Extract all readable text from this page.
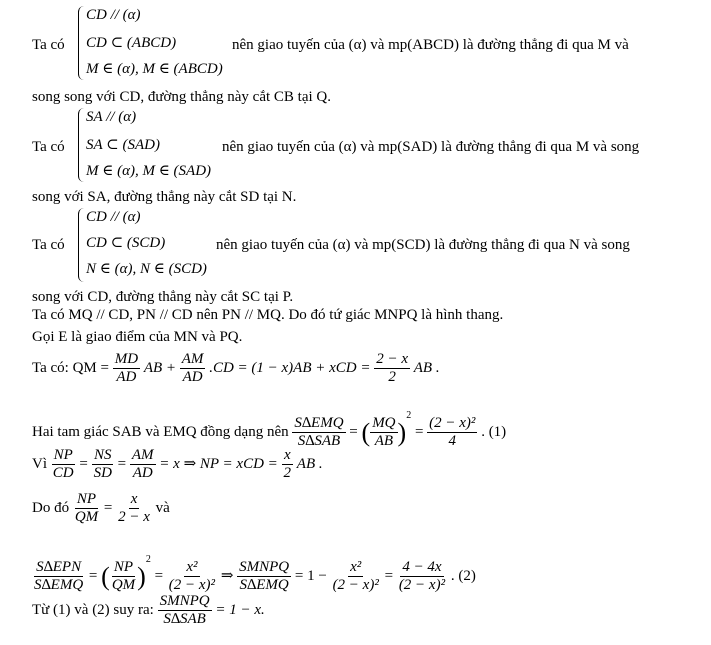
Ta có
CD // (α)
CD ⊂ (ABCD)
M ∈ (α), M ∈ (ABCD)
nên giao tuyến của (α) và mp(ABCD) là đường thẳng đi qua M và
song song với CD, đường thẳng này cắt CB tại Q.
Ta có
SA // (α)
SA ⊂ (SAD)
M ∈ (α), M ∈ (SAD)
nên giao tuyến của (α) và mp(SAD) là đường thẳng đi qua M và song
song với SA, đường thẳng này cắt SD tại N.
Ta có
CD // (α)
CD ⊂ (SCD)
N ∈ (α), N ∈ (SCD)
nên giao tuyến của (α) và mp(SCD) là đường thẳng đi qua N và song
song với CD, đường thẳng này cắt SC tại P.
Ta có MQ // CD, PN // CD nên PN // MQ. Do đó tứ giác MNPQ là hình thang.
Gọi E là giao điểm của MN và PQ.
Ta có: QM = $\frac{MD}{AD}$ AB + $\frac{AM}{AD} .CD = (1 - x)AB$ + xCD = $\frac{2 - x}{2}$ AB .
Hai tam giác SAB và EMQ đồng dạng nên $\frac{\text{S∆EMQ}}{\text{S∆SAB}}$ = ( $\frac{MQ}{AB} )^2 = \frac{\text{(2 − x)²}}{4}$ . (1)
Vì $\frac{NP}{CD} = \frac{NS}{SD} = \frac{AM}{AD} = x$ ⇒ NP = xCD = $\frac{x}{2}$ AB .
Do đó $\frac{NP}{QM} = \frac{x}{2 - x}$ và
$\frac{\text{S∆EPN}}{\text{S∆EMQ}}$ = ( $\frac{NP}{QM} )^2 = \frac{\text{x²}}{\text{(2 − x)²}}$ ⇒ $\frac{\text{SMNPQ}}{\text{S∆EMQ}} = 1 - \frac{\text{x²}}{\text{(2 − x)²}} = \frac{4 - 4x}{\text{(2 − x)²}}$ . (2)
Từ (1) và (2) suy ra: $\frac{\text{SMNPQ}}{\text{S∆SAB}} = 1 - x$.
